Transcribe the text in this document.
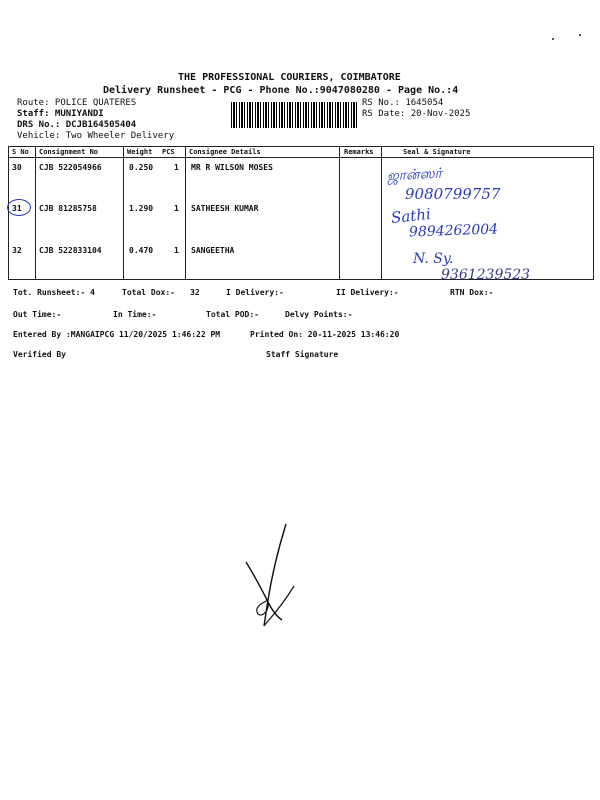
THE PROFESSIONAL COURIERS, COIMBATORE
Delivery Runsheet - PCG - Phone No.:9047080280 - Page No.:4
Route: POLICE QUATERES
Staff: MUNIYANDI
DRS No.: DCJB164505404
Vehicle: Two Wheeler Delivery
RS No.: 1645054
RS Date: 20-Nov-2025
S No Consignment No	Weight PCS Consignee Details	Remarks	Seal & Signature
30 CJB 522054966	0.250	1 MR R WILSON MOSES
31 CJB 81285758	1.290	1 SATHEESH KUMAR
32 CJB 522833104	0.470	1 SANGEETHA
ஜான்ஸர்
9080799757
Sathi
9894262004
N. Sy.
9361239523
Tot. Runsheet:- 4	Total Dox:- 32	I Delivery:-	II Delivery:-	RTN Dox:-
Out Time:-	In Time:-	Total POD:-	Delvy Points:-
Entered By :MANGAIPCG 11/20/2025 1:46:22 PM	Printed On: 20-11-2025 13:46:20
Verified By	Staff Signature
